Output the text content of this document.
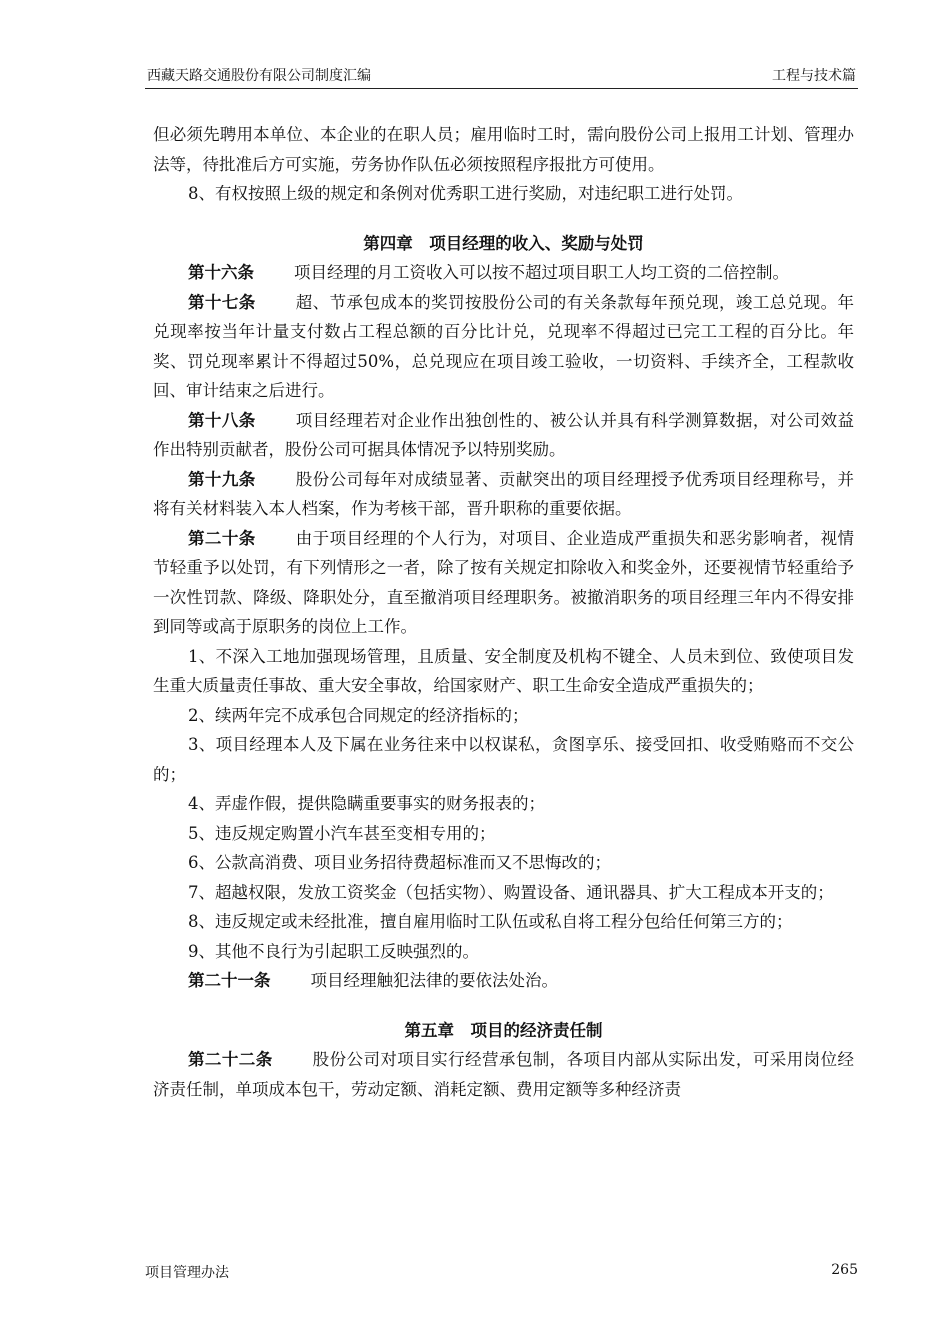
西藏天路交通股份有限公司制度汇编	工程与技术篇

但必须先聘用本单位、本企业的在职人员；雇用临时工时，需向股份公司上报用工计划、管理办法等，待批准后方可实施，劳务协作队伍必须按照程序报批方可使用。

8、有权按照上级的规定和条例对优秀职工进行奖励，对违纪职工进行处罚。

第四章　项目经理的收入、奖励与处罚

第十六条 项目经理的月工资收入可以按不超过项目职工人均工资的二倍控制。

第十七条 超、节承包成本的奖罚按股份公司的有关条款每年预兑现，竣工总兑现。年兑现率按当年计量支付数占工程总额的百分比计兑，兑现率不得超过已完工工程的百分比。年奖、罚兑现率累计不得超过50%，总兑现应在项目竣工验收，一切资料、手续齐全，工程款收回、审计结束之后进行。

第十八条 项目经理若对企业作出独创性的、被公认并具有科学测算数据，对公司效益作出特别贡献者，股份公司可据具体情况予以特别奖励。

第十九条 股份公司每年对成绩显著、贡献突出的项目经理授予优秀项目经理称号，并将有关材料装入本人档案，作为考核干部，晋升职称的重要依据。

第二十条 由于项目经理的个人行为，对项目、企业造成严重损失和恶劣影响者，视情节轻重予以处罚，有下列情形之一者，除了按有关规定扣除收入和奖金外，还要视情节轻重给予一次性罚款、降级、降职处分，直至撤消项目经理职务。被撤消职务的项目经理三年内不得安排到同等或高于原职务的岗位上工作。

1、不深入工地加强现场管理，且质量、安全制度及机构不键全、人员未到位、致使项目发生重大质量责任事故、重大安全事故，给国家财产、职工生命安全造成严重损失的；

2、续两年完不成承包合同规定的经济指标的；

3、项目经理本人及下属在业务往来中以权谋私，贪图享乐、接受回扣、收受贿赂而不交公的；

4、弄虚作假，提供隐瞒重要事实的财务报表的；

5、违反规定购置小汽车甚至变相专用的；

6、公款高消费、项目业务招待费超标准而又不思悔改的；

7、超越权限，发放工资奖金（包括实物）、购置设备、通讯器具、扩大工程成本开支的；

8、违反规定或未经批准，擅自雇用临时工队伍或私自将工程分包给任何第三方的；

9、其他不良行为引起职工反映强烈的。

第二十一条 项目经理触犯法律的要依法处治。

第五章　项目的经济责任制

第二十二条 股份公司对项目实行经营承包制，各项目内部从实际出发，可采用岗位经济责任制，单项成本包干，劳动定额、消耗定额、费用定额等多种经济责

项目管理办法	265
